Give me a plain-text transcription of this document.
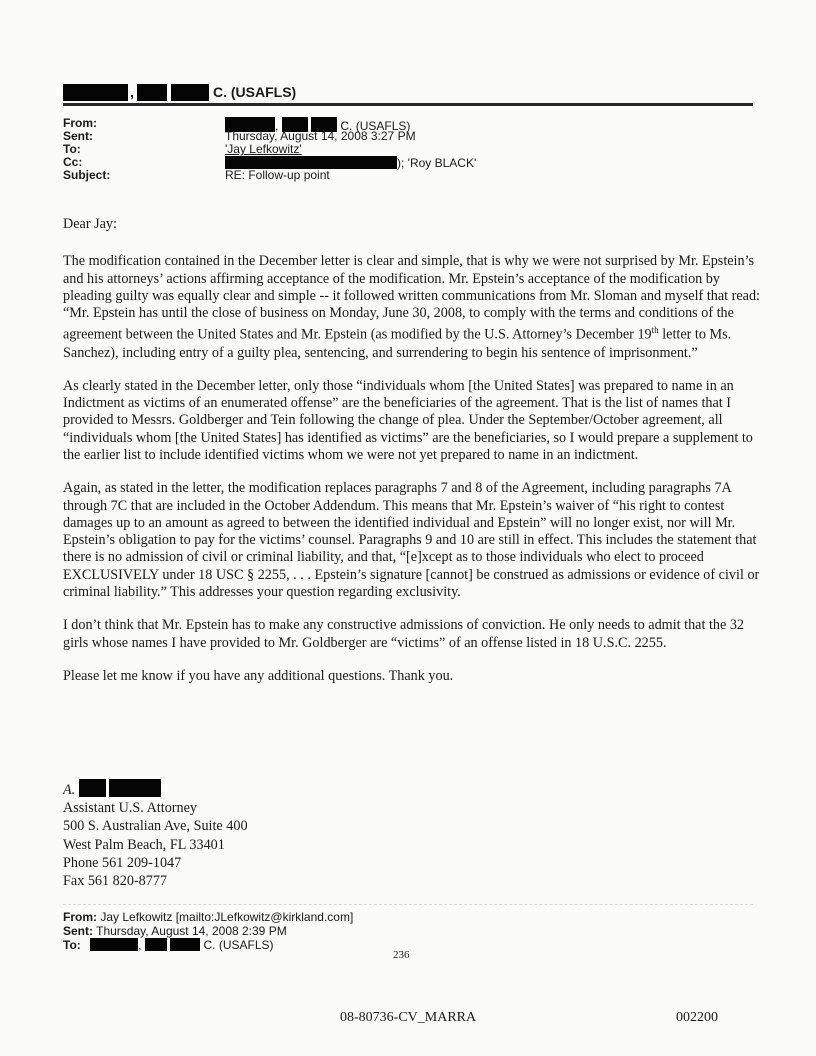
,	C. (USAFLS)
From:	,	C. (USAFLS)
Sent:	Thursday, August 14, 2008 3:27 PM
To:	'Jay Lefkowitz'
Cc:	); 'Roy BLACK'
Subject:	RE: Follow-up point

Dear Jay:

The modification contained in the December letter is clear and simple, that is why we were not surprised by Mr. Epstein’s and his attorneys’ actions affirming acceptance of the modification. Mr. Epstein’s acceptance of the modification by pleading guilty was equally clear and simple -- it followed written communications from Mr. Sloman and myself that read: “Mr. Epstein has until the close of business on Monday, June 30, 2008, to comply with the terms and conditions of the agreement between the United States and Mr. Epstein (as modified by the U.S. Attorney’s December 19th letter to Ms. Sanchez), including entry of a guilty plea, sentencing, and surrendering to begin his sentence of imprisonment.”

As clearly stated in the December letter, only those “individuals whom [the United States] was prepared to name in an Indictment as victims of an enumerated offense” are the beneficiaries of the agreement. That is the list of names that I provided to Messrs. Goldberger and Tein following the change of plea. Under the September/October agreement, all “individuals whom [the United States] has identified as victims” are the beneficiaries, so I would prepare a supplement to the earlier list to include identified victims whom we were not yet prepared to name in an indictment.

Again, as stated in the letter, the modification replaces paragraphs 7 and 8 of the Agreement, including paragraphs 7A through 7C that are included in the October Addendum. This means that Mr. Epstein’s waiver of “his right to contest damages up to an amount as agreed to between the identified individual and Epstein” will no longer exist, nor will Mr. Epstein’s obligation to pay for the victims’ counsel. Paragraphs 9 and 10 are still in effect. This includes the statement that there is no admission of civil or criminal liability, and that, “[e]xcept as to those individuals who elect to proceed EXCLUSIVELY under 18 USC § 2255, . . . Epstein’s signature [cannot] be construed as admissions or evidence of civil or criminal liability.” This addresses your question regarding exclusivity.

I don’t think that Mr. Epstein has to make any constructive admissions of conviction. He only needs to admit that the 32 girls whose names I have provided to Mr. Goldberger are “victims” of an offense listed in 18 U.S.C. 2255.

Please let me know if you have any additional questions. Thank you.

A.
Assistant U.S. Attorney
500 S. Australian Ave, Suite 400
West Palm Beach, FL 33401
Phone 561 209-1047
Fax 561 820-8777
From: Jay Lefkowitz [mailto:JLefkowitz@kirkland.com]
Sent: Thursday, August 14, 2008 2:39 PM
To:	,	C. (USAFLS)
236
08-80736-CV_MARRA	002200
